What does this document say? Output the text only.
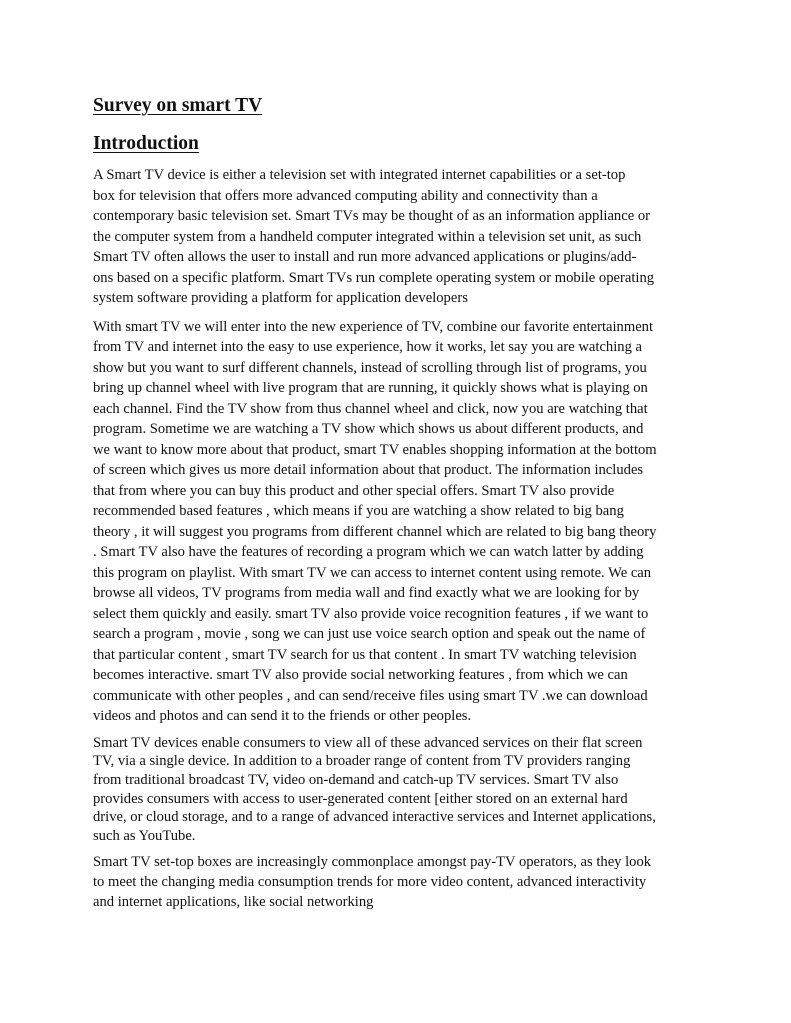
Survey on smart TV
Introduction

A Smart TV device is either a television set with integrated internet capabilities or a set-top
box for television that offers more advanced computing ability and connectivity than a
contemporary basic television set. Smart TVs may be thought of as an information appliance or
the computer system from a handheld computer integrated within a television set unit, as such
Smart TV often allows the user to install and run more advanced applications or plugins/add-
ons based on a specific platform. Smart TVs run complete operating system or mobile operating
system software providing a platform for application developers

With smart TV we will enter into the new experience of TV, combine our favorite entertainment
from TV and internet into the easy to use experience, how it works, let say you are watching a
show but you want to surf different channels, instead of scrolling through list of programs, you
bring up channel wheel with live program that are running, it quickly shows what is playing on
each channel. Find the TV show from thus channel wheel and click, now you are watching that
program. Sometime we are watching a TV show which shows us about different products, and
we want to know more about that product, smart TV enables shopping information at the bottom
of screen which gives us more detail information about that product. The information includes
that from where you can buy this product and other special offers. Smart TV also provide
recommended based features , which means if you are watching a show related to big bang
theory , it will suggest you programs from different channel which are related to big bang theory
. Smart TV also have the features of recording a program which we can watch latter by adding
this program on playlist. With smart TV we can access to internet content using remote. We can
browse all videos, TV programs from media wall and find exactly what we are looking for by
select them quickly and easily. smart TV also provide voice recognition features , if we want to
search a program , movie , song we can just use voice search option and speak out the name of
that particular content , smart TV search for us that content . In smart TV watching television
becomes interactive. smart TV also provide social networking features , from which we can
communicate with other peoples , and can send/receive files using smart TV .we can download
videos and photos and can send it to the friends or other peoples.

Smart TV devices enable consumers to view all of these advanced services on their flat screen
TV, via a single device. In addition to a broader range of content from TV providers ranging
from traditional broadcast TV, video on-demand and catch-up TV services. Smart TV also
provides consumers with access to user-generated content [either stored on an external hard
drive, or cloud storage, and to a range of advanced interactive services and Internet applications,
such as YouTube.

Smart TV set-top boxes are increasingly commonplace amongst pay-TV operators, as they look
to meet the changing media consumption trends for more video content, advanced interactivity
and internet applications, like social networking
